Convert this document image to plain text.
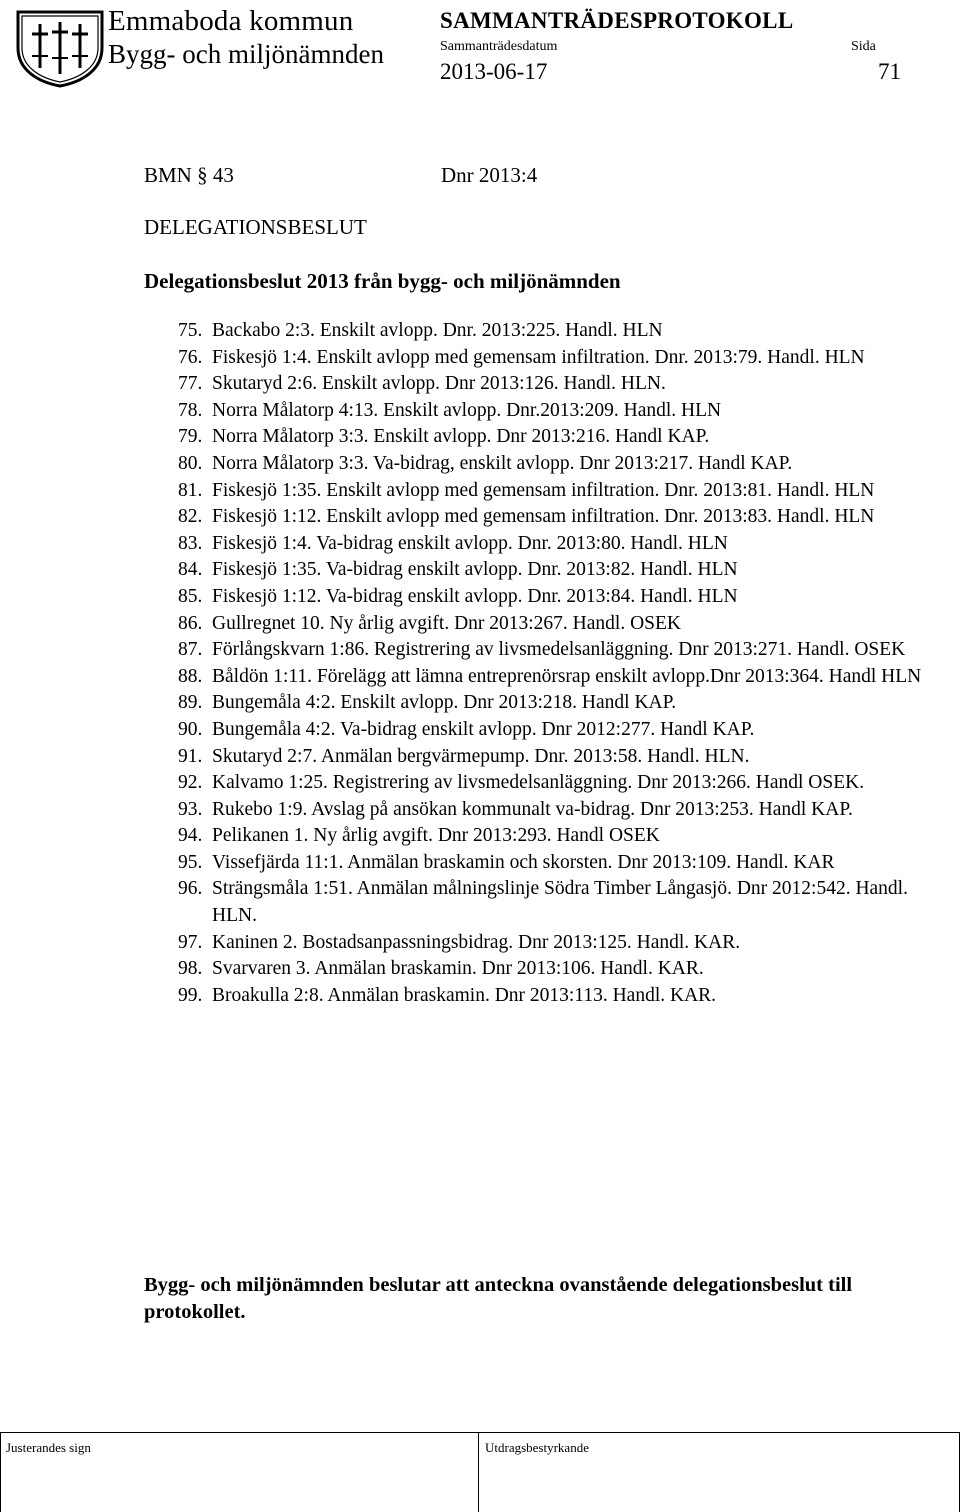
Emmaboda kommun
Bygg- och miljönämnden
SAMMANTRÄDESPROTOKOLL
Sammanträdesdatum	Sida
2013-06-17	71
BMN § 43	Dnr 2013:4
DELEGATIONSBESLUT
Delegationsbeslut 2013 från bygg- och miljönämnden
75. Backabo 2:3. Enskilt avlopp. Dnr. 2013:225. Handl. HLN
76. Fiskesjö 1:4. Enskilt avlopp med gemensam infiltration. Dnr. 2013:79. Handl. HLN
77. Skutaryd 2:6. Enskilt avlopp. Dnr 2013:126. Handl. HLN.
78. Norra Målatorp 4:13. Enskilt avlopp. Dnr.2013:209. Handl. HLN
79. Norra Målatorp 3:3. Enskilt avlopp. Dnr 2013:216. Handl KAP.
80. Norra Målatorp 3:3. Va-bidrag, enskilt avlopp. Dnr 2013:217. Handl KAP.
81. Fiskesjö 1:35. Enskilt avlopp med gemensam infiltration. Dnr. 2013:81. Handl. HLN
82. Fiskesjö 1:12. Enskilt avlopp med gemensam infiltration. Dnr. 2013:83. Handl. HLN
83. Fiskesjö 1:4. Va-bidrag enskilt avlopp. Dnr. 2013:80. Handl. HLN
84. Fiskesjö 1:35. Va-bidrag enskilt avlopp. Dnr. 2013:82. Handl. HLN
85. Fiskesjö 1:12. Va-bidrag enskilt avlopp. Dnr. 2013:84. Handl. HLN
86. Gullregnet 10. Ny årlig avgift. Dnr 2013:267. Handl. OSEK
87. Förlångskvarn 1:86. Registrering av livsmedelsanläggning. Dnr 2013:271. Handl. OSEK
88. Båldön 1:11. Förelägg att lämna entreprenörsrap enskilt avlopp.Dnr 2013:364. Handl HLN
89. Bungemåla 4:2. Enskilt avlopp. Dnr 2013:218. Handl KAP.
90. Bungemåla 4:2. Va-bidrag enskilt avlopp. Dnr 2012:277. Handl KAP.
91. Skutaryd 2:7. Anmälan bergvärmepump. Dnr. 2013:58. Handl. HLN.
92. Kalvamo 1:25. Registrering av livsmedelsanläggning. Dnr 2013:266. Handl OSEK.
93. Rukebo 1:9. Avslag på ansökan kommunalt va-bidrag. Dnr 2013:253. Handl KAP.
94. Pelikanen 1. Ny årlig avgift. Dnr 2013:293. Handl OSEK
95. Vissefjärda 11:1. Anmälan braskamin och skorsten. Dnr 2013:109. Handl. KAR
96. Strängsmåla 1:51. Anmälan målningslinje Södra Timber Långasjö. Dnr 2012:542. Handl. HLN.
97. Kaninen 2. Bostadsanpassningsbidrag. Dnr 2013:125. Handl. KAR.
98. Svarvaren 3. Anmälan braskamin. Dnr 2013:106. Handl. KAR.
99. Broakulla 2:8. Anmälan braskamin. Dnr 2013:113. Handl. KAR.
Bygg- och miljönämnden beslutar att anteckna ovanstående delegationsbeslut till protokollet.
Justerandes sign	Utdragsbestyrkande
